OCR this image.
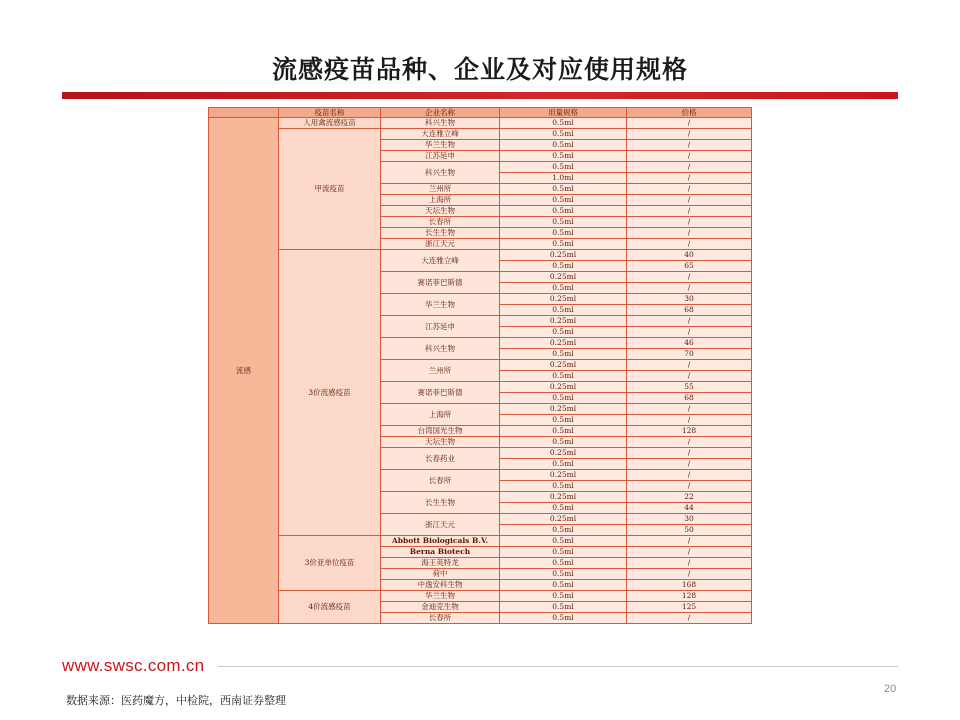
流感疫苗品种、企业及对应使用规格
	疫苗名称	企业名称	用量规格	价格
流感	人用禽流感疫苗	科兴生物	0.5ml	/
	甲流疫苗	大连雅立峰	0.5ml	/
		华兰生物	0.5ml	/
		江苏延申	0.5ml	/
		科兴生物	0.5ml	/
			1.0ml	/
		兰州所	0.5ml	/
		上海所	0.5ml	/
		天坛生物	0.5ml	/
		长春所	0.5ml	/
		长生生物	0.5ml	/
		浙江天元	0.5ml	/
	3价流感疫苗	大连雅立峰	0.25ml	40
			0.5ml	65
		赛诺菲巴斯德	0.25ml	/
			0.5ml	/
		华兰生物	0.25ml	30
			0.5ml	68
		江苏延申	0.25ml	/
			0.5ml	/
		科兴生物	0.25ml	46
			0.5ml	70
		兰州所	0.25ml	/
			0.5ml	/
		赛诺菲巴斯德	0.25ml	55
			0.5ml	68
		上海所	0.25ml	/
			0.5ml	/
		台湾国光生物	0.5ml	128
		天坛生物	0.5ml	/
		长春药业	0.25ml	/
			0.5ml	/
		长春所	0.25ml	/
			0.5ml	/
		长生生物	0.25ml	22
			0.5ml	44
		浙江天元	0.25ml	30
			0.5ml	50
	3价亚单位疫苗	Abbott Biologicals B.V.	0.5ml	/
		Berna Biotech	0.5ml	/
		海王英特龙	0.5ml	/
		荷中	0.5ml	/
		中逸安科生物	0.5ml	168
	4价流感疫苗	华兰生物	0.5ml	128
		金迪克生物	0.5ml	125
		长春所	0.5ml	/
www.swsc.com.cn
20
数据来源：医药魔方，中检院，西南证券整理
